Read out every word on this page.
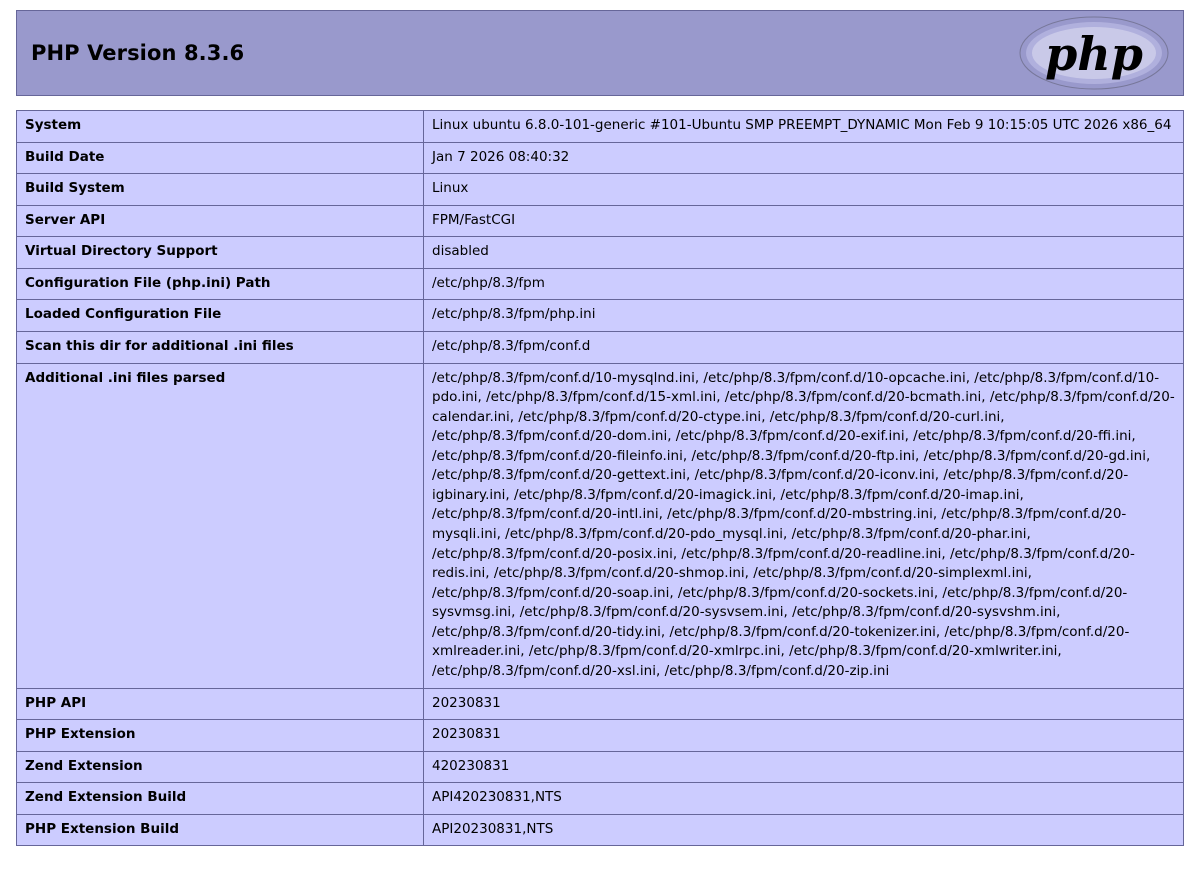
PHP Version 8.3.6	php
System	Linux ubuntu 6.8.0-101-generic #101-Ubuntu SMP PREEMPT_DYNAMIC Mon Feb 9 10:15:05 UTC 2026 x86_64
Build Date	Jan 7 2026 08:40:32
Build System	Linux
Server API	FPM/FastCGI
Virtual Directory Support	disabled
Configuration File (php.ini) Path	/etc/php/8.3/fpm
Loaded Configuration File	/etc/php/8.3/fpm/php.ini
Scan this dir for additional .ini files	/etc/php/8.3/fpm/conf.d
Additional .ini files parsed	/etc/php/8.3/fpm/conf.d/10-mysqlnd.ini, /etc/php/8.3/fpm/conf.d/10-opcache.ini, /etc/php/8.3/fpm/conf.d/10-pdo.ini, /etc/php/8.3/fpm/conf.d/15-xml.ini, /etc/php/8.3/fpm/conf.d/20-bcmath.ini, /etc/php/8.3/fpm/conf.d/20-calendar.ini, /etc/php/8.3/fpm/conf.d/20-ctype.ini, /etc/php/8.3/fpm/conf.d/20-curl.ini, /etc/php/8.3/fpm/conf.d/20-dom.ini, /etc/php/8.3/fpm/conf.d/20-exif.ini, /etc/php/8.3/fpm/conf.d/20-ffi.ini, /etc/php/8.3/fpm/conf.d/20-fileinfo.ini, /etc/php/8.3/fpm/conf.d/20-ftp.ini, /etc/php/8.3/fpm/conf.d/20-gd.ini, /etc/php/8.3/fpm/conf.d/20-gettext.ini, /etc/php/8.3/fpm/conf.d/20-iconv.ini, /etc/php/8.3/fpm/conf.d/20-igbinary.ini, /etc/php/8.3/fpm/conf.d/20-imagick.ini, /etc/php/8.3/fpm/conf.d/20-imap.ini, /etc/php/8.3/fpm/conf.d/20-intl.ini, /etc/php/8.3/fpm/conf.d/20-mbstring.ini, /etc/php/8.3/fpm/conf.d/20-mysqli.ini, /etc/php/8.3/fpm/conf.d/20-pdo_mysql.ini, /etc/php/8.3/fpm/conf.d/20-phar.ini, /etc/php/8.3/fpm/conf.d/20-posix.ini, /etc/php/8.3/fpm/conf.d/20-readline.ini, /etc/php/8.3/fpm/conf.d/20-redis.ini, /etc/php/8.3/fpm/conf.d/20-shmop.ini, /etc/php/8.3/fpm/conf.d/20-simplexml.ini, /etc/php/8.3/fpm/conf.d/20-soap.ini, /etc/php/8.3/fpm/conf.d/20-sockets.ini, /etc/php/8.3/fpm/conf.d/20-sysvmsg.ini, /etc/php/8.3/fpm/conf.d/20-sysvsem.ini, /etc/php/8.3/fpm/conf.d/20-sysvshm.ini, /etc/php/8.3/fpm/conf.d/20-tidy.ini, /etc/php/8.3/fpm/conf.d/20-tokenizer.ini, /etc/php/8.3/fpm/conf.d/20-xmlreader.ini, /etc/php/8.3/fpm/conf.d/20-xmlrpc.ini, /etc/php/8.3/fpm/conf.d/20-xmlwriter.ini, /etc/php/8.3/fpm/conf.d/20-xsl.ini, /etc/php/8.3/fpm/conf.d/20-zip.ini
PHP API	20230831
PHP Extension	20230831
Zend Extension	420230831
Zend Extension Build	API420230831,NTS
PHP Extension Build	API20230831,NTS
